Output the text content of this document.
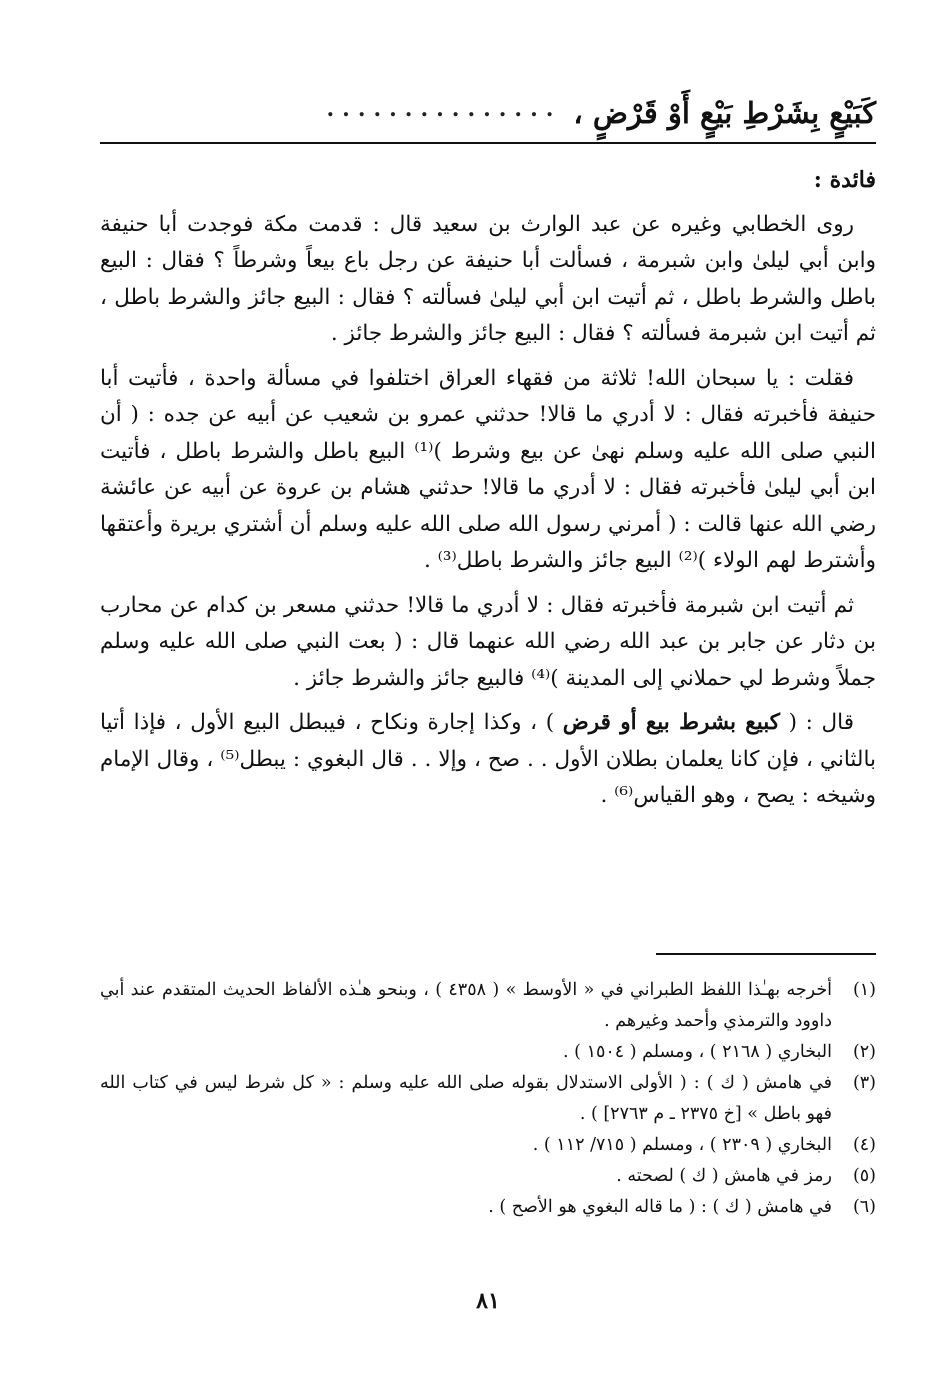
كَبَيْعٍ بِشَرْطِ بَيْعٍ أَوْ قَرْضٍ ،
...............
فائدة :

روى الخطابي وغيره عن عبد الوارث بن سعيد قال : قدمت مكة فوجدت أبا حنيفة وابن أبي ليلىٰ وابن شبرمة ، فسألت أبا حنيفة عن رجل باع بيعاً وشرطاً ؟ فقال : البيع باطل والشرط باطل ، ثم أتيت ابن أبي ليلىٰ فسألته ؟ فقال : البيع جائز والشرط باطل ، ثم أتيت ابن شبرمة فسألته ؟ فقال : البيع جائز والشرط جائز .

فقلت : يا سبحان الله! ثلاثة من فقهاء العراق اختلفوا في مسألة واحدة ، فأتيت أبا حنيفة فأخبرته فقال : لا أدري ما قالا! حدثني عمرو بن شعيب عن أبيه عن جده : ( أن النبي صلى الله عليه وسلم نهىٰ عن بيع وشرط )⁽¹⁾ البيع باطل والشرط باطل ، فأتيت ابن أبي ليلىٰ فأخبرته فقال : لا أدري ما قالا! حدثني هشام بن عروة عن أبيه عن عائشة رضي الله عنها قالت : ( أمرني رسول الله صلى الله عليه وسلم أن أشتري بريرة وأعتقها وأشترط لهم الولاء )⁽²⁾ البيع جائز والشرط باطل⁽³⁾ .

ثم أتيت ابن شبرمة فأخبرته فقال : لا أدري ما قالا! حدثني مسعر بن كدام عن محارب بن دثار عن جابر بن عبد الله رضي الله عنهما قال : ( بعت النبي صلى الله عليه وسلم جملاً وشرط لي حملاني إلى المدينة )⁽⁴⁾ فالبيع جائز والشرط جائز .

قال : ( كبيع بشرط بيع أو قرض ) ، وكذا إجارة ونكاح ، فيبطل البيع الأول ، فإذا أتيا بالثاني ، فإن كانا يعلمان بطلان الأول . . صح ، وإلا . . قال البغوي : يبطل⁽⁵⁾ ، وقال الإمام وشيخه : يصح ، وهو القياس⁽⁶⁾ .

(١)
أخرجه بهـٰذا اللفظ الطبراني في « الأوسط » ( ٤٣٥٨ ) ، وبنحو هـٰذه الألفاظ الحديث المتقدم عند أبي داوود والترمذي وأحمد وغيرهم .
(٢)
البخاري ( ٢١٦٨ ) ، ومسلم ( ١٥٠٤ ) .
(٣)
في هامش ( ك ) : ( الأولى الاستدلال بقوله صلى الله عليه وسلم : « كل شرط ليس في كتاب الله فهو باطل » [خ ٢٣٧٥ ـ م ٢٧٦٣] ) .
(٤)
البخاري ( ٢٣٠٩ ) ، ومسلم ( ٧١٥/ ١١٢ ) .
(٥)
رمز في هامش ( ك ) لصحته .
(٦)
في هامش ( ك ) : ( ما قاله البغوي هو الأصح ) .
٨١
